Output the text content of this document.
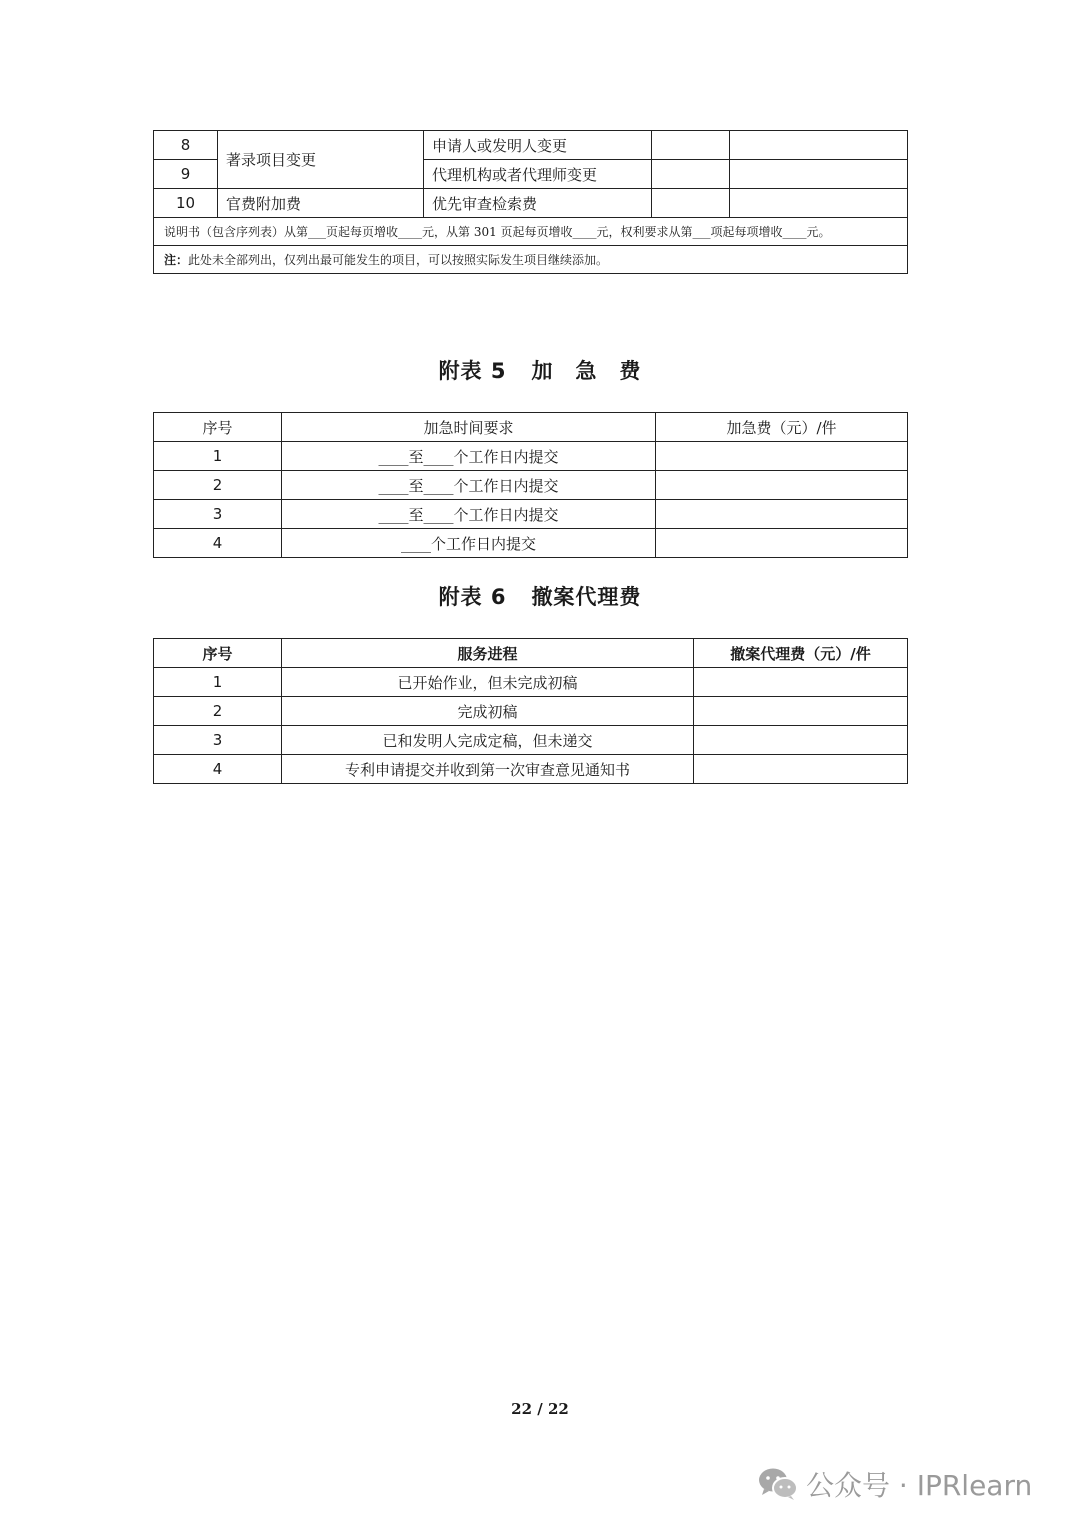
8	著录项目变更	申请人或发明人变更		
9		代理机构或者代理师变更		
10	官费附加费	优先审查检索费		
说明书（包含序列表）从第___页起每页增收____元，从第 301 页起每页增收____元，权利要求从第___项起每项增收____元。				
注：此处未全部列出，仅列出最可能发生的项目，可以按照实际发生项目继续添加。				
附表 5 加　急　费
序号	加急时间要求	加急费（元）/件
1	____至____个工作日内提交	
2	____至____个工作日内提交	
3	____至____个工作日内提交	
4	____个工作日内提交	
附表 6 撤案代理费
序号	服务进程	撤案代理费（元）/件
1	已开始作业，但未完成初稿	
2	完成初稿	
3	已和发明人完成定稿，但未递交	
4	专利申请提交并收到第一次审查意见通知书	
22 / 22
公众号 · IPRlearn
